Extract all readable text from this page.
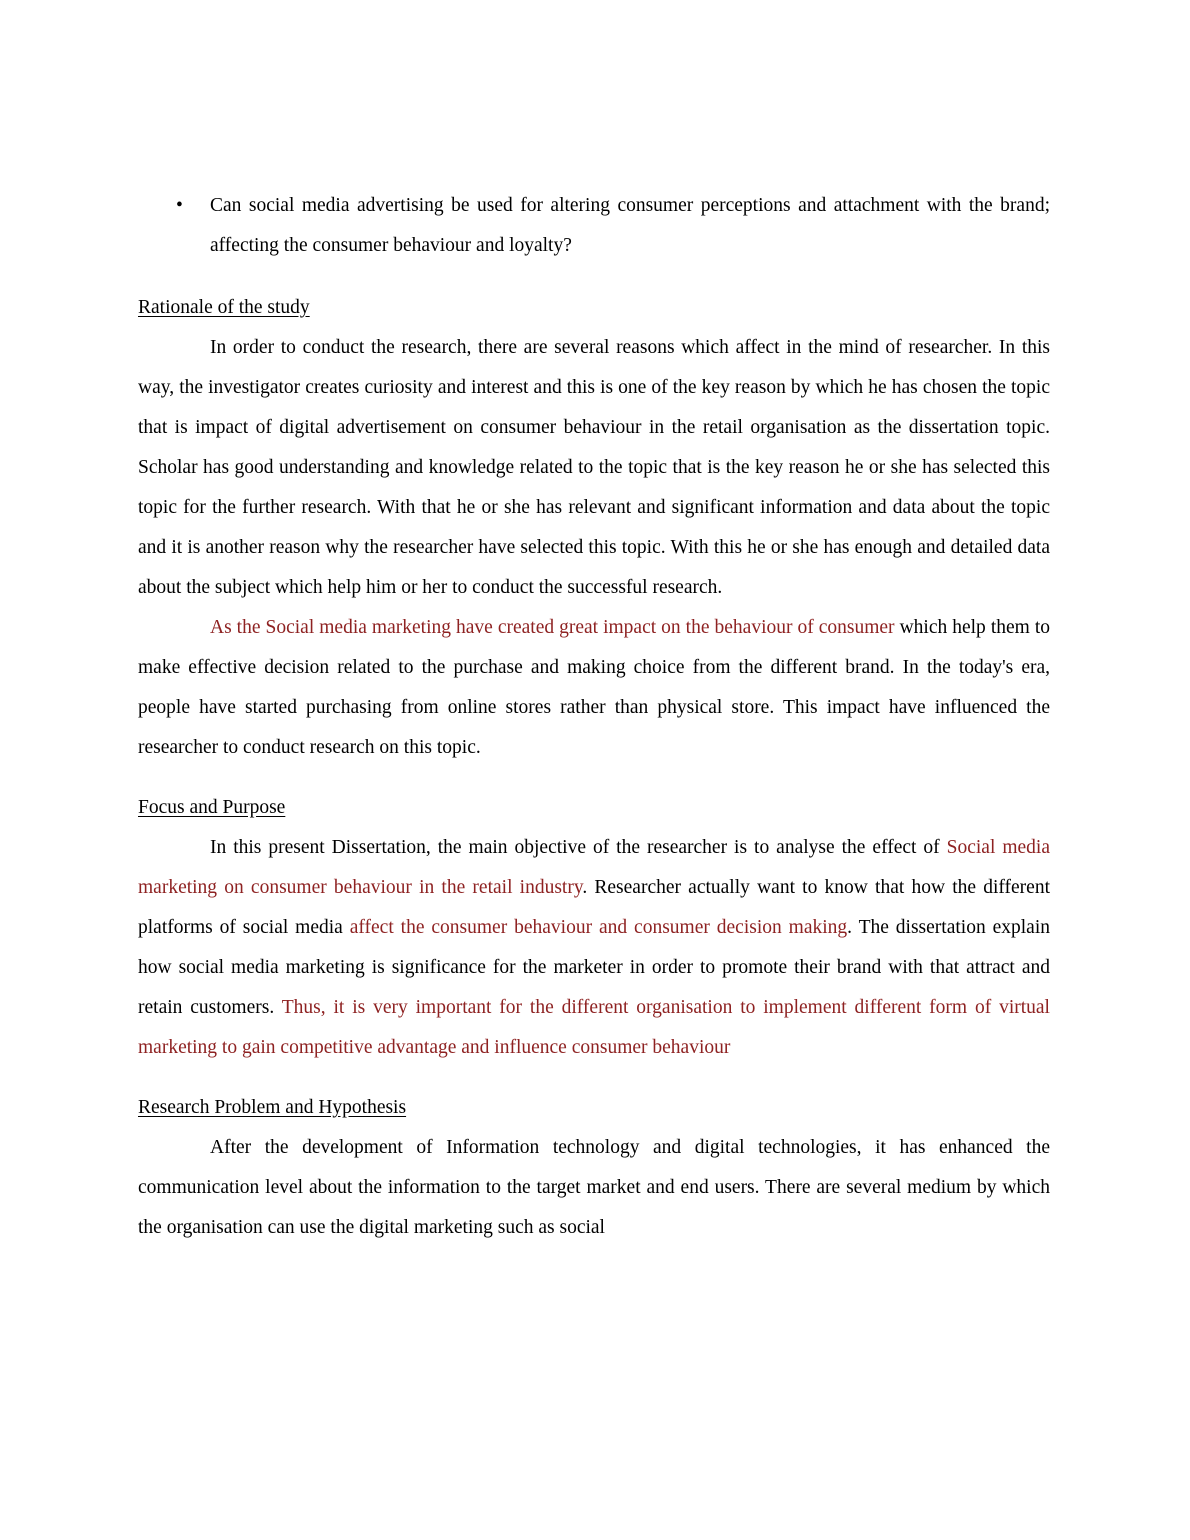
• Can social media advertising be used for altering consumer perceptions and attachment with the brand; affecting the consumer behaviour and loyalty?
Rationale of the study

In order to conduct the research, there are several reasons which affect in the mind of researcher. In this way, the investigator creates curiosity and interest and this is one of the key reason by which he has chosen the topic that is impact of digital advertisement on consumer behaviour in the retail organisation as the dissertation topic. Scholar has good understanding and knowledge related to the topic that is the key reason he or she has selected this topic for the further research. With that he or she has relevant and significant information and data about the topic and it is another reason why the researcher have selected this topic. With this he or she has enough and detailed data about the subject which help him or her to conduct the successful research.

As the Social media marketing have created great impact on the behaviour of consumer which help them to make effective decision related to the purchase and making choice from the different brand. In the today's era, people have started purchasing from online stores rather than physical store. This impact have influenced the researcher to conduct research on this topic.

Focus and Purpose

In this present Dissertation, the main objective of the researcher is to analyse the effect of Social media marketing on consumer behaviour in the retail industry. Researcher actually want to know that how the different platforms of social media affect the consumer behaviour and consumer decision making. The dissertation explain how social media marketing is significance for the marketer in order to promote their brand with that attract and retain customers. Thus, it is very important for the different organisation to implement different form of virtual marketing to gain competitive advantage and influence consumer behaviour

Research Problem and Hypothesis

After the development of Information technology and digital technologies, it has enhanced the communication level about the information to the target market and end users. There are several medium by which the organisation can use the digital marketing such as social
